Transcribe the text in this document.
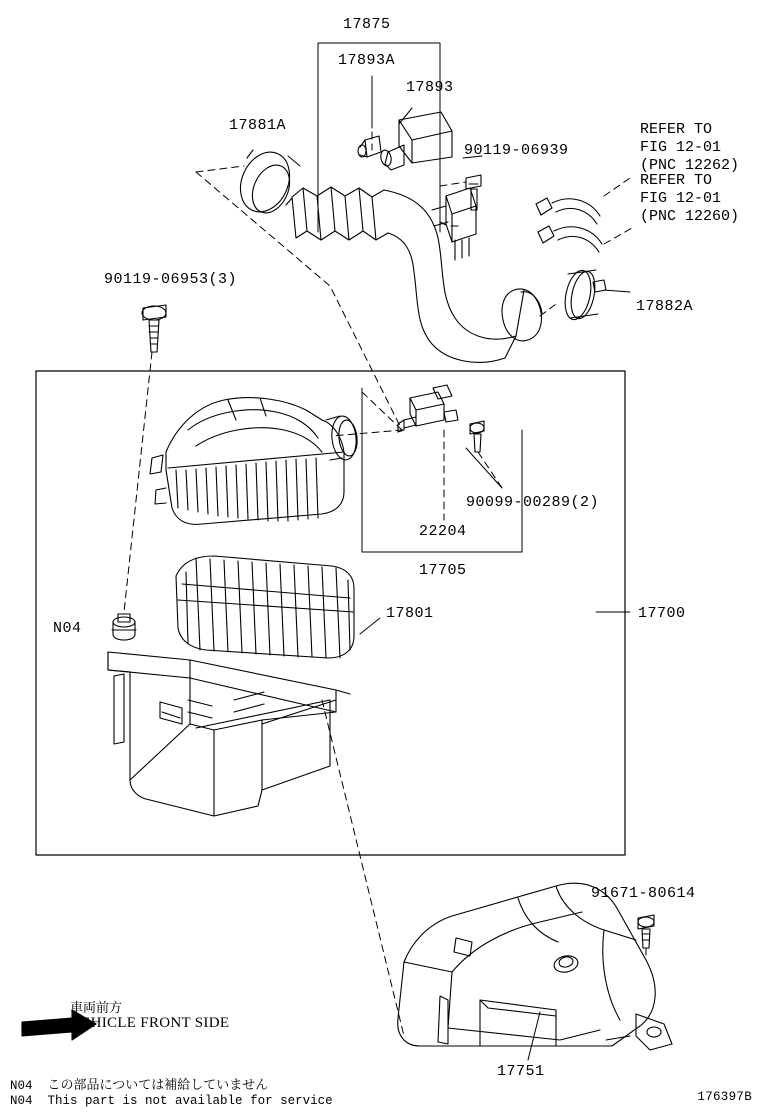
17875
17893A
17893
17881A
90119-06939
90119-06953(3)
17882A
90099-00289(2)
22204
17705
17801	17700
N04
91671-80614
17751
REFER TO
FIG 12-01
(PNC 12262)
REFER TO
FIG 12-01
(PNC 12260)
車両前方
VEHICLE FRONT SIDE
N04 この部品については補給していません
N04 This part is not available for service	176397B
